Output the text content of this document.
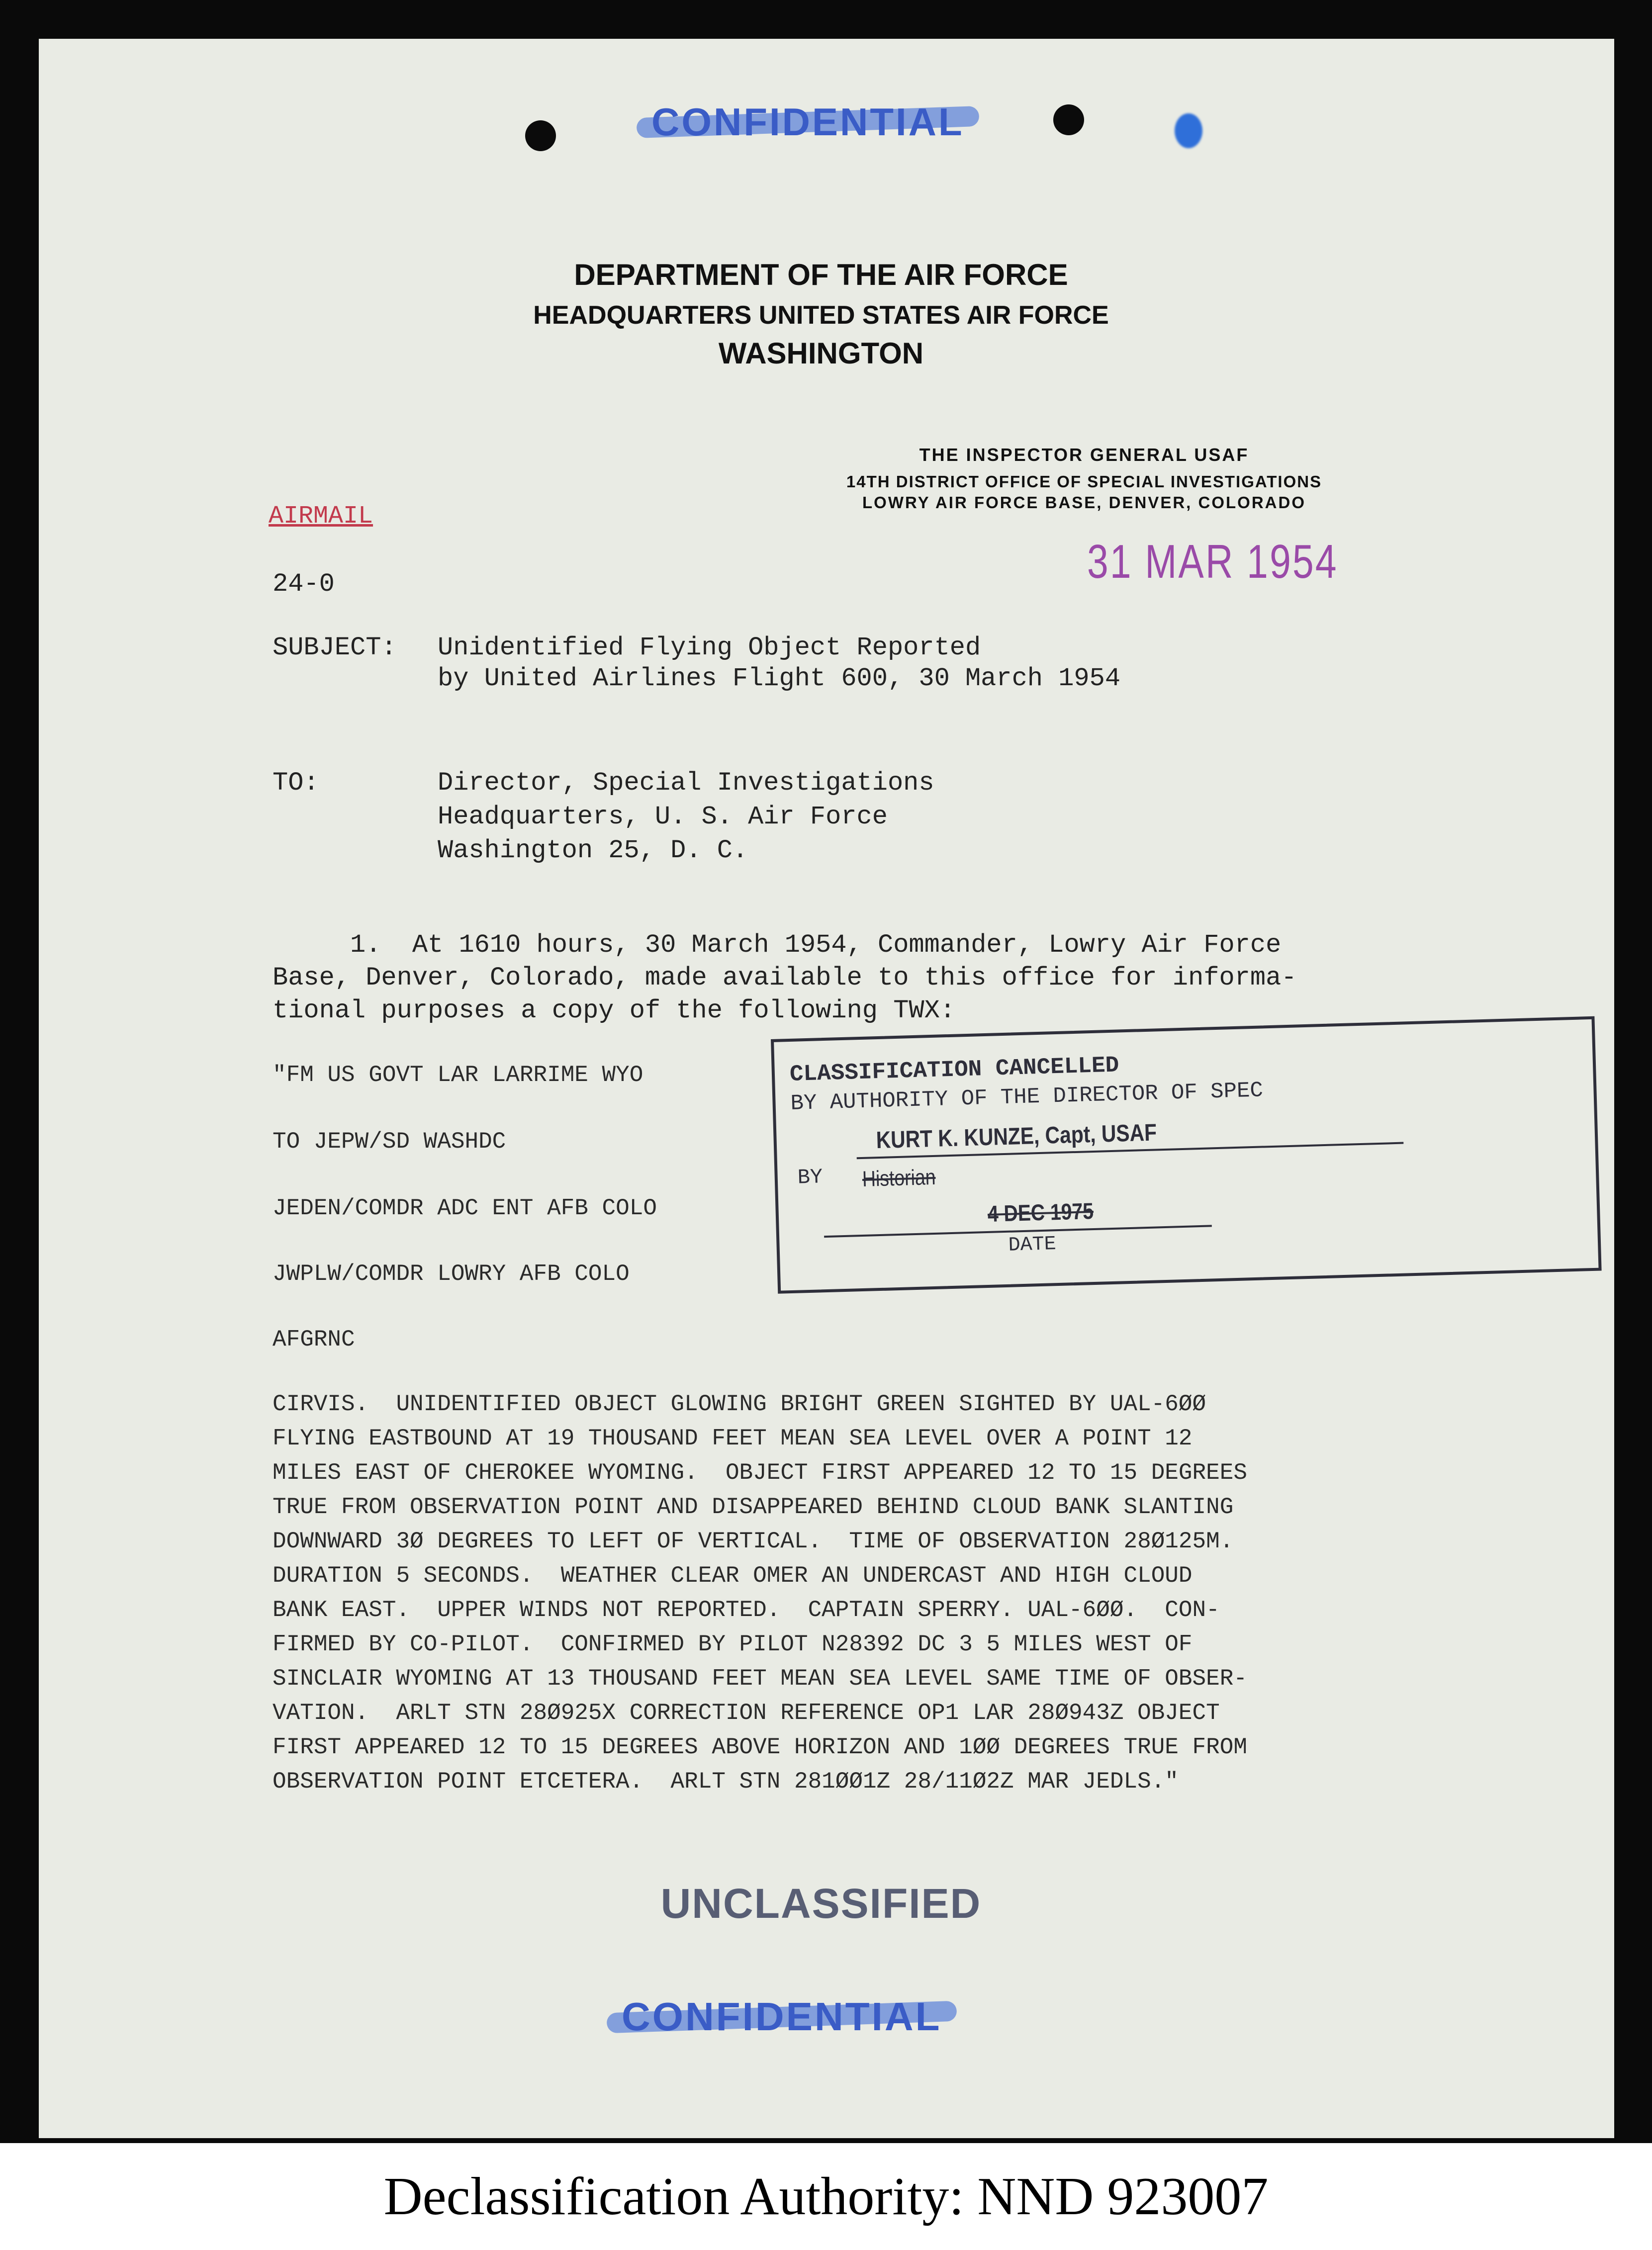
CONFIDENTIAL
DEPARTMENT OF THE AIR FORCE
HEADQUARTERS UNITED STATES AIR FORCE
WASHINGTON
THE INSPECTOR GENERAL USAF
14TH DISTRICT OFFICE OF SPECIAL INVESTIGATIONS
LOWRY AIR FORCE BASE, DENVER, COLORADO
AIRMAIL
31 MAR 1954
24-0
SUBJECT: Unidentified Flying Object Reported
by United Airlines Flight 600, 30 March 1954
TO:	Director, Special Investigations
Headquarters, U. S. Air Force
Washington 25, D. C.
1.  At 1610 hours, 30 March 1954, Commander, Lowry Air Force
Base, Denver, Colorado, made available to this office for informa-
tional purposes a copy of the following TWX:
"FM US GOVT LAR LARRIME WYO
TO JEPW/SD WASHDC
JEDEN/COMDR ADC ENT AFB COLO
JWPLW/COMDR LOWRY AFB COLO
AFGRNC
CIRVIS.  UNIDENTIFIED OBJECT GLOWING BRIGHT GREEN SIGHTED BY UAL-6ØØ
FLYING EASTBOUND AT 19 THOUSAND FEET MEAN SEA LEVEL OVER A POINT 12
MILES EAST OF CHEROKEE WYOMING.  OBJECT FIRST APPEARED 12 TO 15 DEGREES
TRUE FROM OBSERVATION POINT AND DISAPPEARED BEHIND CLOUD BANK SLANTING
DOWNWARD 3Ø DEGREES TO LEFT OF VERTICAL.  TIME OF OBSERVATION 28Ø125M.
DURATION 5 SECONDS.  WEATHER CLEAR OMER AN UNDERCAST AND HIGH CLOUD
BANK EAST.  UPPER WINDS NOT REPORTED.  CAPTAIN SPERRY. UAL-6ØØ.  CON-
FIRMED BY CO-PILOT.  CONFIRMED BY PILOT N28392 DC 3 5 MILES WEST OF
SINCLAIR WYOMING AT 13 THOUSAND FEET MEAN SEA LEVEL SAME TIME OF OBSER-
VATION.  ARLT STN 28Ø925X CORRECTION REFERENCE OP1 LAR 28Ø943Z OBJECT
FIRST APPEARED 12 TO 15 DEGREES ABOVE HORIZON AND 1ØØ DEGREES TRUE FROM
OBSERVATION POINT ETCETERA.  ARLT STN 281ØØ1Z 28/11Ø2Z MAR JEDLS."
CLASSIFICATION CANCELLED
BY AUTHORITY OF THE DIRECTOR OF SPEC
KURT K. KUNZE, Capt, USAF
BY Historian
4 DEC 1975
DATE
UNCLASSIFIED
CONFIDENTIAL
Declassification Authority: NND 923007
